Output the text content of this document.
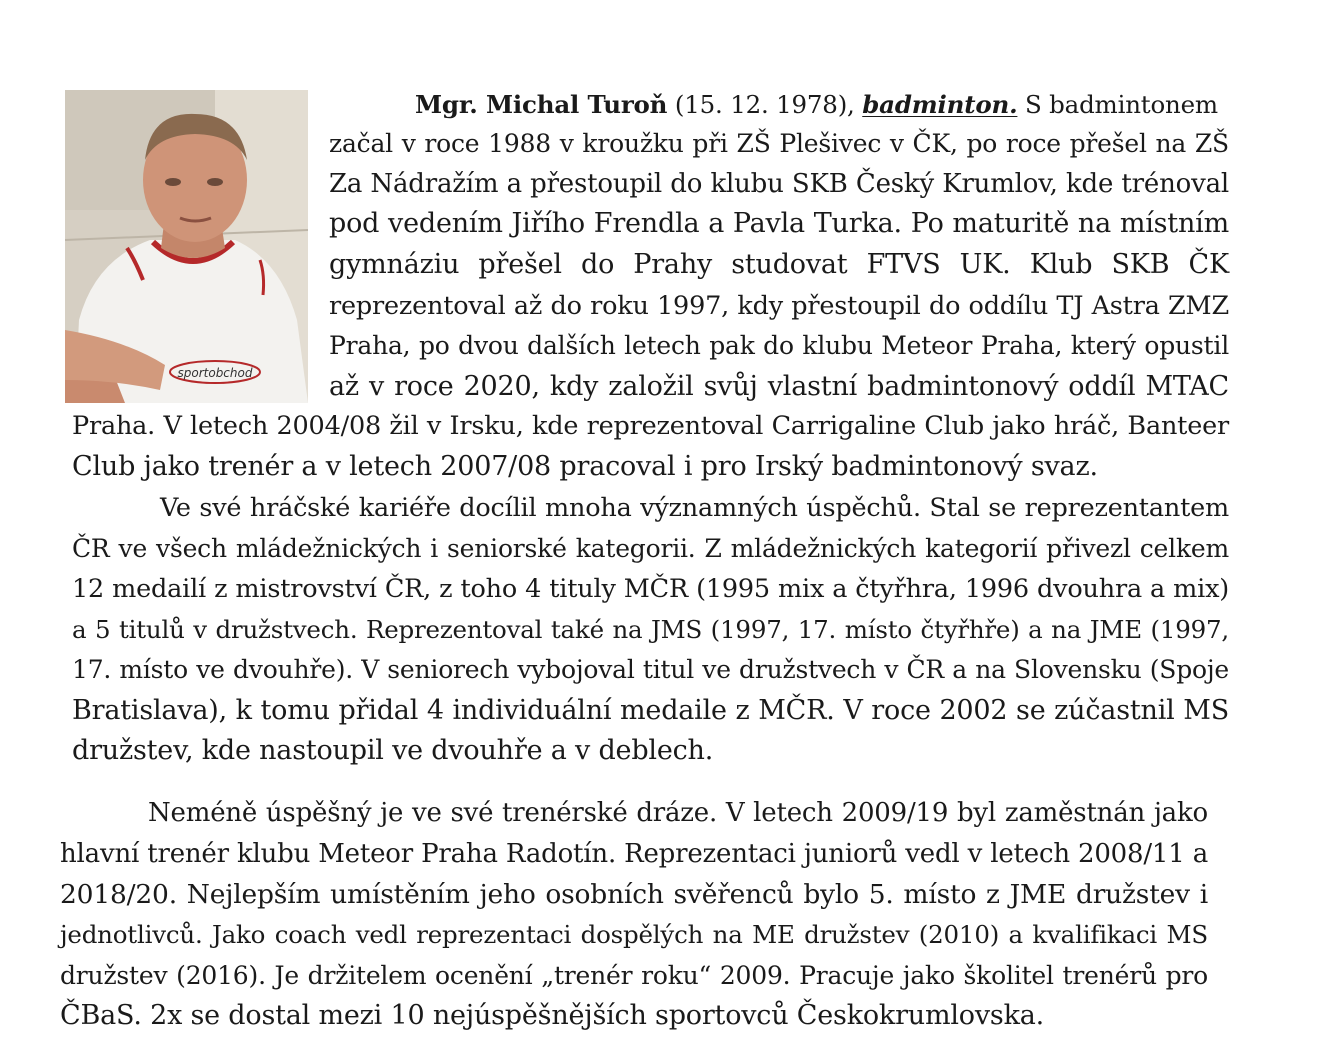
sportobchod
Mgr. Michal Turoň (15. 12. 1978), badminton. S badmintonem
začal v roce 1988 v kroužku při ZŠ Plešivec v ČK, po roce přešel na ZŠ
Za Nádražím a přestoupil do klubu SKB Český Krumlov, kde trénoval
pod vedením Jiřího Frendla a Pavla Turka. Po maturitě na místním
gymnáziu přešel do Prahy studovat FTVS UK. Klub SKB ČK
reprezentoval až do roku 1997, kdy přestoupil do oddílu TJ Astra ZMZ
Praha, po dvou dalších letech pak do klubu Meteor Praha, který opustil
až v roce 2020, kdy založil svůj vlastní badmintonový oddíl MTAC
Praha. V letech 2004/08 žil v Irsku, kde reprezentoval Carrigaline Club jako hráč, Banteer
Club jako trenér a v letech 2007/08 pracoval i pro Irský badmintonový svaz.
Ve své hráčské kariéře docílil mnoha významných úspěchů. Stal se reprezentantem
ČR ve všech mládežnických i seniorské kategorii. Z mládežnických kategorií přivezl celkem
12 medailí z mistrovství ČR, z toho 4 tituly MČR (1995 mix a čtyřhra, 1996 dvouhra a mix)
a 5 titulů v družstvech. Reprezentoval také na JMS (1997, 17. místo čtyřhře) a na JME (1997,
17. místo ve dvouhře). V seniorech vybojoval titul ve družstvech v ČR a na Slovensku (Spoje
Bratislava), k tomu přidal 4 individuální medaile z MČR. V roce 2002 se zúčastnil MS
družstev, kde nastoupil ve dvouhře a v deblech.
Neméně úspěšný je ve své trenérské dráze. V letech 2009/19 byl zaměstnán jako
hlavní trenér klubu Meteor Praha Radotín. Reprezentaci juniorů vedl v letech 2008/11 a
2018/20. Nejlepším umístěním jeho osobních svěřenců bylo 5. místo z JME družstev i
jednotlivců. Jako coach vedl reprezentaci dospělých na ME družstev (2010) a kvalifikaci MS
družstev (2016). Je držitelem ocenění „trenér roku“ 2009. Pracuje jako školitel trenérů pro
ČBaS. 2x se dostal mezi 10 nejúspěšnějších sportovců Českokrumlovska.
